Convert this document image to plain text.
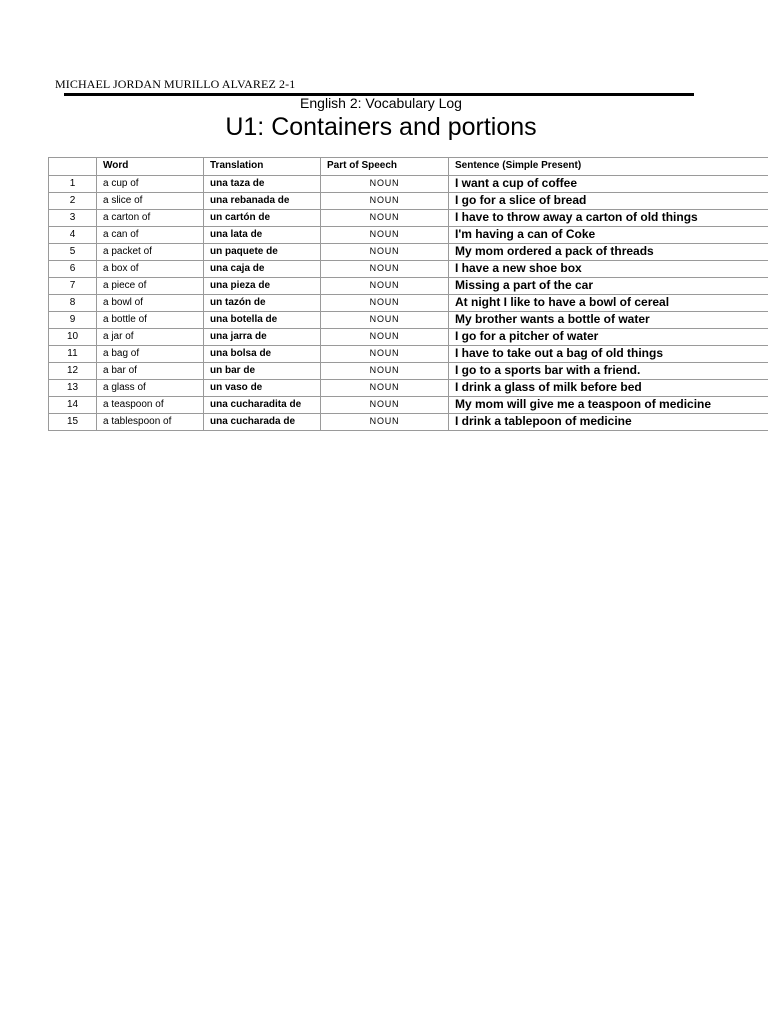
MICHAEL JORDAN MURILLO ALVAREZ 2-1
English 2: Vocabulary Log
U1: Containers and portions
	Word	Translation	Part of Speech	Sentence (Simple Present)
1	a cup of	una taza de	NOUN	I want a cup of coffee
2	a slice of	una rebanada de	NOUN	I go for a slice of bread
3	a carton of	un cartón de	NOUN	I have to throw away a carton of old things
4	a can of	una lata de	NOUN	I'm having a can of Coke
5	a packet of	un paquete de	NOUN	My mom ordered a pack of threads
6	a box of	una caja de	NOUN	I have a new shoe box
7	a piece of	una pieza de	NOUN	Missing a part of the car
8	a bowl of	un tazón de	NOUN	At night I like to have a bowl of cereal
9	a bottle of	una botella de	NOUN	My brother wants a bottle of water
10	a jar of	una jarra de	NOUN	I go for a pitcher of water
11	a bag of	una bolsa de	NOUN	I have to take out a bag of old things
12	a bar of	un bar de	NOUN	I go to a sports bar with a friend.
13	a glass of	un vaso de	NOUN	I drink a glass of milk before bed
14	a teaspoon of	una cucharadita de	NOUN	My mom will give me a teaspoon of medicine
15	a tablespoon of	una cucharada de	NOUN	I drink a tablepoon of medicine
